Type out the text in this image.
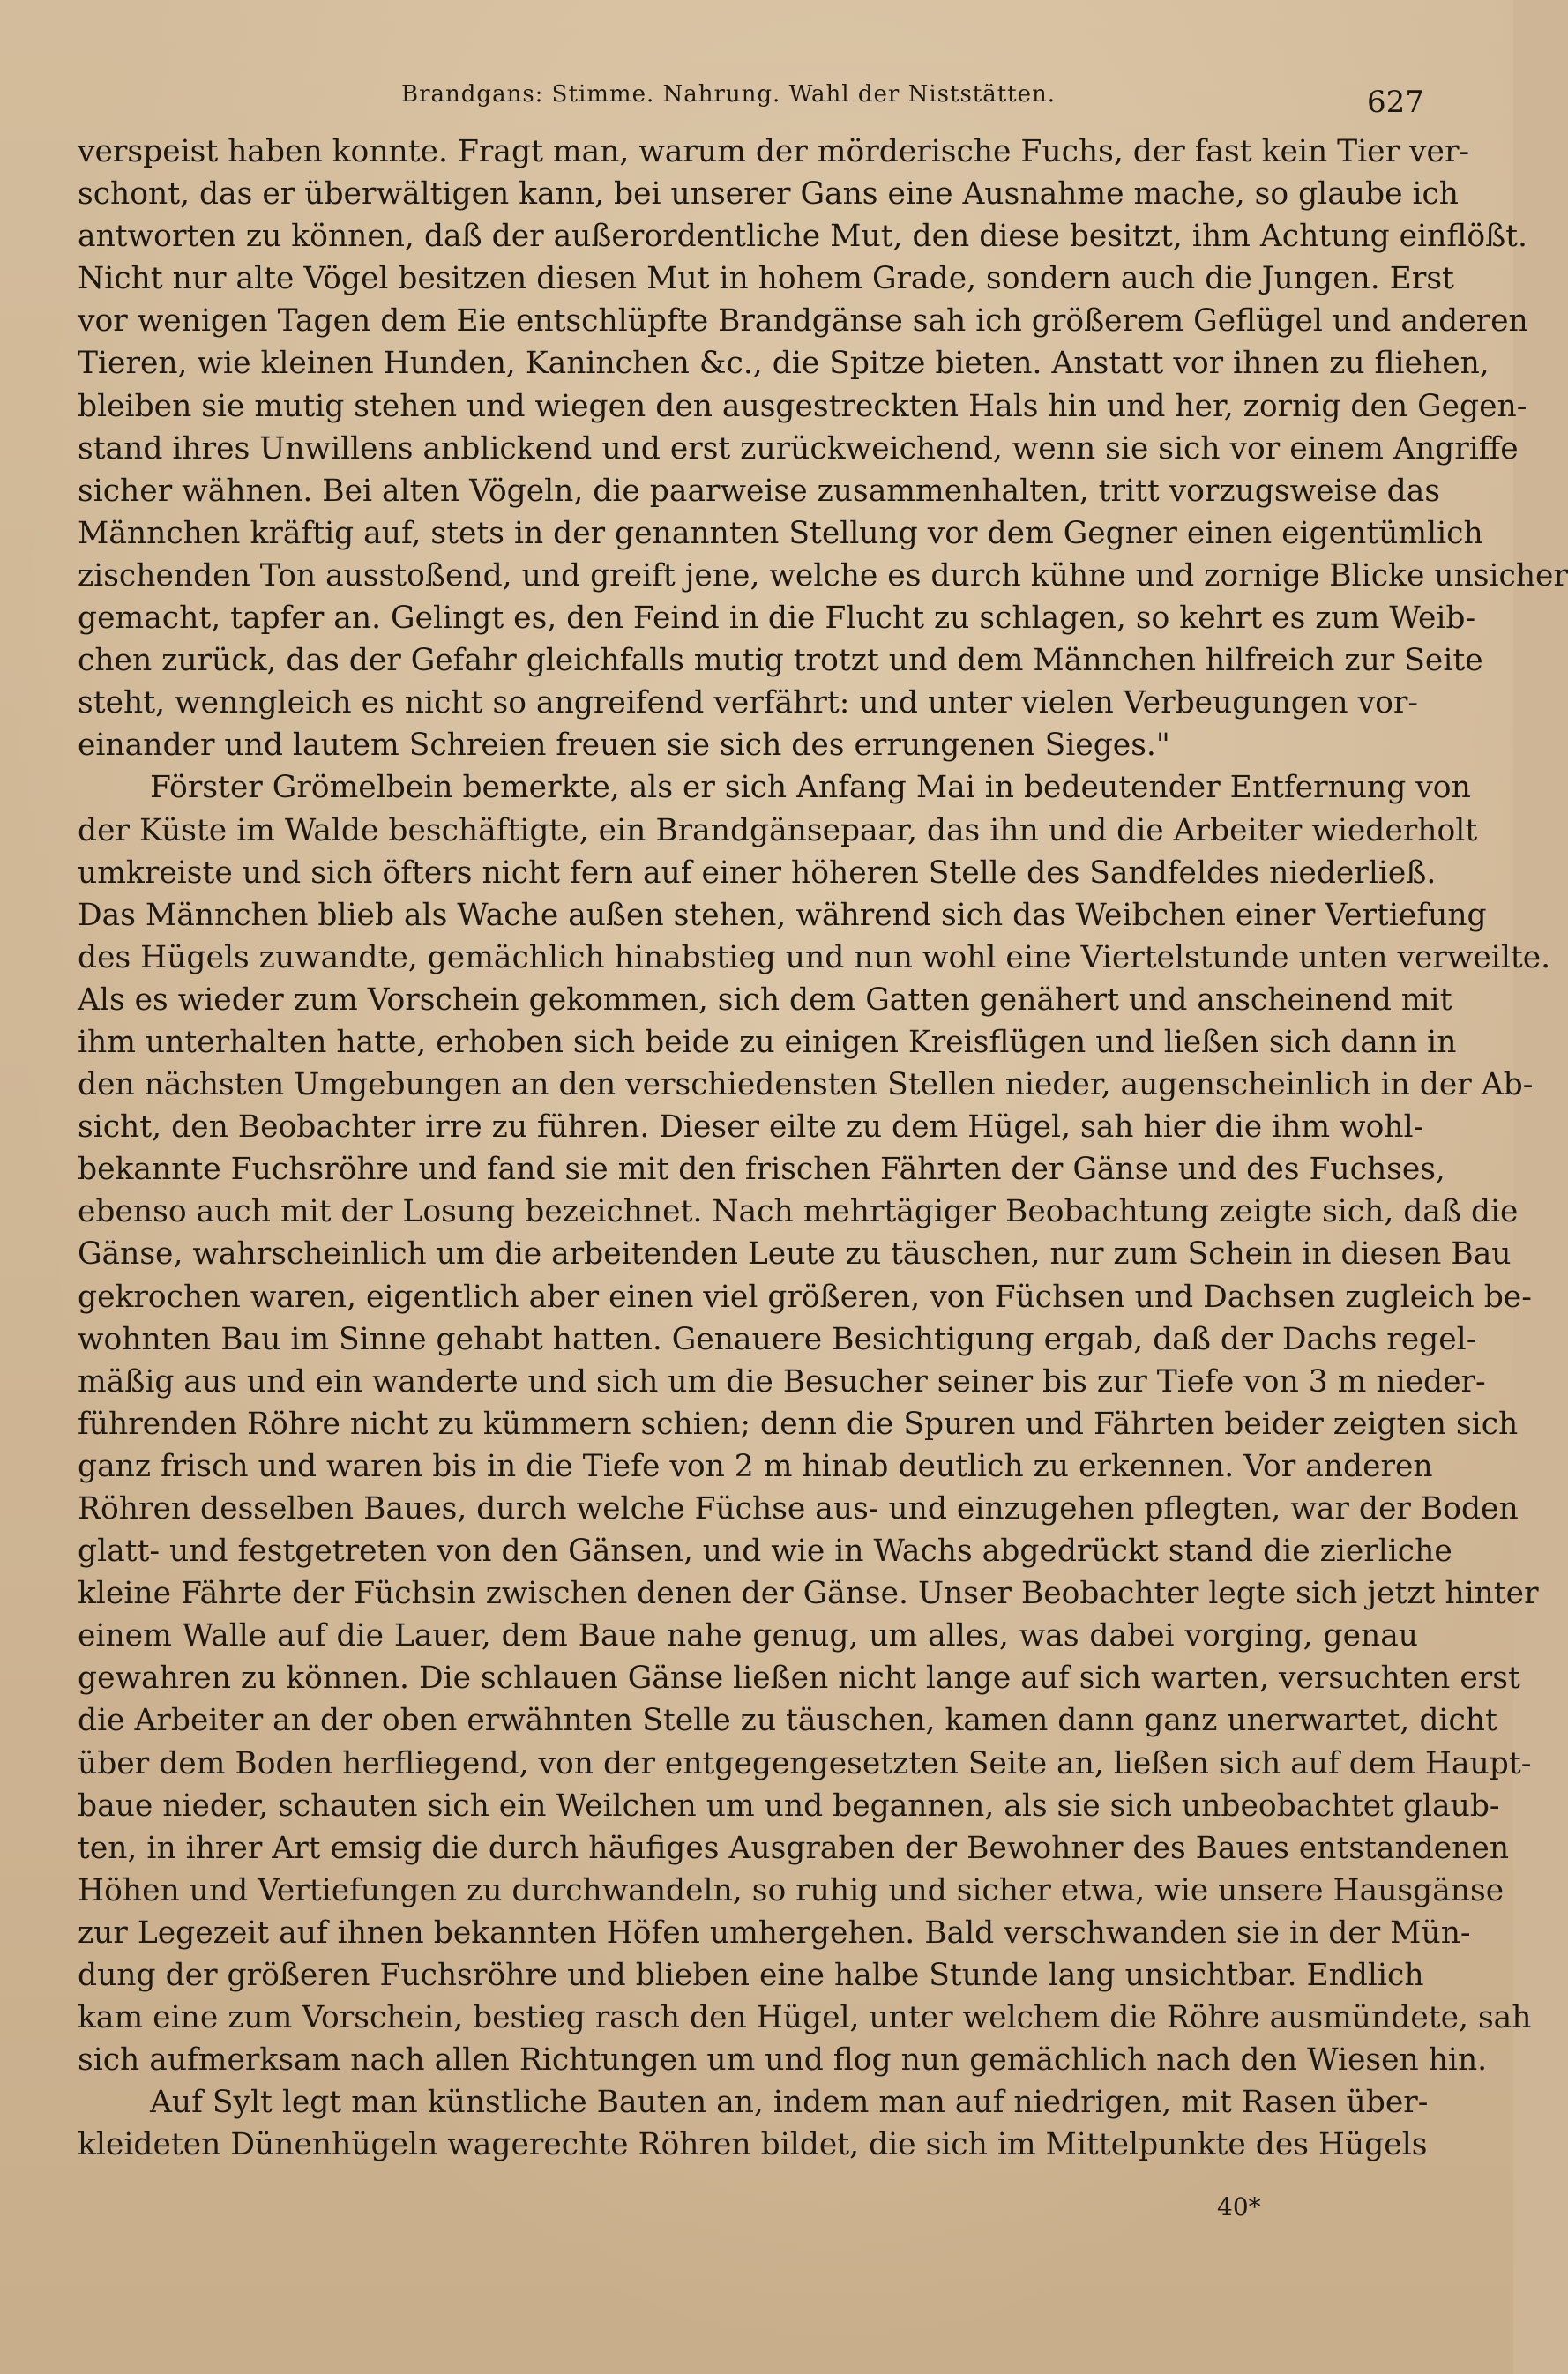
Brandgans: Stimme. Nahrung. Wahl der Niststätten.	627
verspeist haben konnte. Fragt man, warum der mörderische Fuchs, der fast kein Tier ver-
schont, das er überwältigen kann, bei unserer Gans eine Ausnahme mache, so glaube ich
antworten zu können, daß der außerordentliche Mut, den diese besitzt, ihm Achtung einflößt.
Nicht nur alte Vögel besitzen diesen Mut in hohem Grade, sondern auch die Jungen. Erst
vor wenigen Tagen dem Eie entschlüpfte Brandgänse sah ich größerem Geflügel und anderen
Tieren, wie kleinen Hunden, Kaninchen &c., die Spitze bieten. Anstatt vor ihnen zu fliehen,
bleiben sie mutig stehen und wiegen den ausgestreckten Hals hin und her, zornig den Gegen-
stand ihres Unwillens anblickend und erst zurückweichend, wenn sie sich vor einem Angriffe
sicher wähnen. Bei alten Vögeln, die paarweise zusammenhalten, tritt vorzugsweise das
Männchen kräftig auf, stets in der genannten Stellung vor dem Gegner einen eigentümlich
zischenden Ton ausstoßend, und greift jene, welche es durch kühne und zornige Blicke unsicher
gemacht, tapfer an. Gelingt es, den Feind in die Flucht zu schlagen, so kehrt es zum Weib-
chen zurück, das der Gefahr gleichfalls mutig trotzt und dem Männchen hilfreich zur Seite
steht, wenngleich es nicht so angreifend verfährt: und unter vielen Verbeugungen vor-
einander und lautem Schreien freuen sie sich des errungenen Sieges."
Förster Grömelbein bemerkte, als er sich Anfang Mai in bedeutender Entfernung von
der Küste im Walde beschäftigte, ein Brandgänsepaar, das ihn und die Arbeiter wiederholt
umkreiste und sich öfters nicht fern auf einer höheren Stelle des Sandfeldes niederließ.
Das Männchen blieb als Wache außen stehen, während sich das Weibchen einer Vertiefung
des Hügels zuwandte, gemächlich hinabstieg und nun wohl eine Viertelstunde unten verweilte.
Als es wieder zum Vorschein gekommen, sich dem Gatten genähert und anscheinend mit
ihm unterhalten hatte, erhoben sich beide zu einigen Kreisflügen und ließen sich dann in
den nächsten Umgebungen an den verschiedensten Stellen nieder, augenscheinlich in der Ab-
sicht, den Beobachter irre zu führen. Dieser eilte zu dem Hügel, sah hier die ihm wohl-
bekannte Fuchsröhre und fand sie mit den frischen Fährten der Gänse und des Fuchses,
ebenso auch mit der Losung bezeichnet. Nach mehrtägiger Beobachtung zeigte sich, daß die
Gänse, wahrscheinlich um die arbeitenden Leute zu täuschen, nur zum Schein in diesen Bau
gekrochen waren, eigentlich aber einen viel größeren, von Füchsen und Dachsen zugleich be-
wohnten Bau im Sinne gehabt hatten. Genauere Besichtigung ergab, daß der Dachs regel-
mäßig aus und ein wanderte und sich um die Besucher seiner bis zur Tiefe von 3 m nieder-
führenden Röhre nicht zu kümmern schien; denn die Spuren und Fährten beider zeigten sich
ganz frisch und waren bis in die Tiefe von 2 m hinab deutlich zu erkennen. Vor anderen
Röhren desselben Baues, durch welche Füchse aus- und einzugehen pflegten, war der Boden
glatt- und festgetreten von den Gänsen, und wie in Wachs abgedrückt stand die zierliche
kleine Fährte der Füchsin zwischen denen der Gänse. Unser Beobachter legte sich jetzt hinter
einem Walle auf die Lauer, dem Baue nahe genug, um alles, was dabei vorging, genau
gewahren zu können. Die schlauen Gänse ließen nicht lange auf sich warten, versuchten erst
die Arbeiter an der oben erwähnten Stelle zu täuschen, kamen dann ganz unerwartet, dicht
über dem Boden herfliegend, von der entgegengesetzten Seite an, ließen sich auf dem Haupt-
baue nieder, schauten sich ein Weilchen um und begannen, als sie sich unbeobachtet glaub-
ten, in ihrer Art emsig die durch häufiges Ausgraben der Bewohner des Baues entstandenen
Höhen und Vertiefungen zu durchwandeln, so ruhig und sicher etwa, wie unsere Hausgänse
zur Legezeit auf ihnen bekannten Höfen umhergehen. Bald verschwanden sie in der Mün-
dung der größeren Fuchsröhre und blieben eine halbe Stunde lang unsichtbar. Endlich
kam eine zum Vorschein, bestieg rasch den Hügel, unter welchem die Röhre ausmündete, sah
sich aufmerksam nach allen Richtungen um und flog nun gemächlich nach den Wiesen hin.
Auf Sylt legt man künstliche Bauten an, indem man auf niedrigen, mit Rasen über-
kleideten Dünenhügeln wagerechte Röhren bildet, die sich im Mittelpunkte des Hügels
40*
